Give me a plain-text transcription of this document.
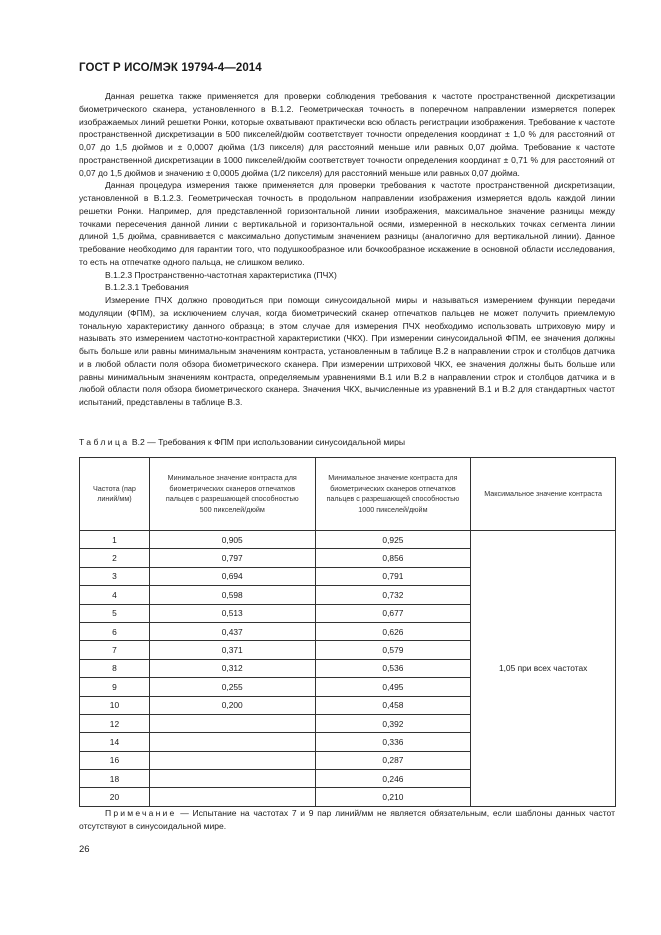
ГОСТ Р ИСО/МЭК 19794-4—2014

Данная решетка также применяется для проверки соблюдения требования к частоте пространственной дискретизации биометрического сканера, установленного в В.1.2. Геометрическая точность в поперечном направлении измеряется поперек изображаемых линий решетки Ронки, которые охватывают практически всю область регистрации изображения. Требование к частоте пространственной дискретизации в 500 пикселей/дюйм соответствует точности определения координат ± 1,0 % для расстояний от 0,07 до 1,5 дюймов и ± 0,0007 дюйма (1/3 пикселя) для расстояний меньше или равных 0,07 дюйма. Требование к частоте пространственной дискретизации в 1000 пикселей/дюйм соответствует точности определения координат ± 0,71 % для расстояний от 0,07 до 1,5 дюймов и значению ± 0,0005 дюйма (1/2 пикселя) для расстояний меньше или равных 0,07 дюйма.

Данная процедура измерения также применяется для проверки требования к частоте пространственной дискретизации, установленной в В.1.2.3. Геометрическая точность в продольном направлении изображения измеряется вдоль каждой линии решетки Ронки. Например, для представленной горизонтальной линии изображения, максимальное значение разницы между точками пересечения данной линии с вертикальной и горизонтальной осями, измеренной в нескольких точках сегмента линии длиной 1,5 дюйма, сравнивается с максимально допустимым значением разницы (аналогично для вертикальной линии). Данное требование необходимо для гарантии того, что подушкообразное или бочкообразное искажение в основной области исследования, то есть на отпечатке одного пальца, не слишком велико.

В.1.2.3 Пространственно-частотная характеристика (ПЧХ)

В.1.2.3.1 Требования

Измерение ПЧХ должно проводиться при помощи синусоидальной миры и называться измерением функции передачи модуляции (ФПМ), за исключением случая, когда биометрический сканер отпечатков пальцев не может получить приемлемую тональную характеристику данного образца; в этом случае для измерения ПЧХ необходимо использовать штриховую миру и называть это измерением частотно-контрастной характеристики (ЧКХ). При измерении синусоидальной ФПМ, ее значения должны быть больше или равны минимальным значениям контраста, установленным в таблице В.2 в направлении строк и столбцов датчика и в любой области поля обзора биометрического сканера. При измерении штриховой ЧКХ, ее значения должны быть больше или равны минимальным значениям контраста, определяемым уравнениями В.1 или В.2 в направлении строк и столбцов датчика и в любой области поля обзора биометрического сканера. Значения ЧКХ, вычисленные из уравнений В.1 и В.2 для стандартных частот испытаний, представлены в таблице В.3.

Таблица В.2 — Требования к ФПМ при использовании синусоидальной миры
Частота (пар линий/мм)	Минимальное значение контраста для биометрических сканеров отпечатков пальцев с разрешающей способностью 500 пикселей/дюйм	Минимальное значение контраста для биометрических сканеров отпечатков пальцев с разрешающей способностью 1000 пикселей/дюйм	Максимальное значение контраста
1	0,905	0,925	1,05 при всех частотах
2	0,797	0,856	
3	0,694	0,791	
4	0,598	0,732	
5	0,513	0,677	
6	0,437	0,626	
7	0,371	0,579	
8	0,312	0,536	
9	0,255	0,495	
10	0,200	0,458	
12		0,392	
14		0,336	
16		0,287	
18		0,246	
20		0,210	

Примечание — Испытание на частотах 7 и 9 пар линий/мм не является обязательным, если шаблоны данных частот отсутствуют в синусоидальной мире.

26
